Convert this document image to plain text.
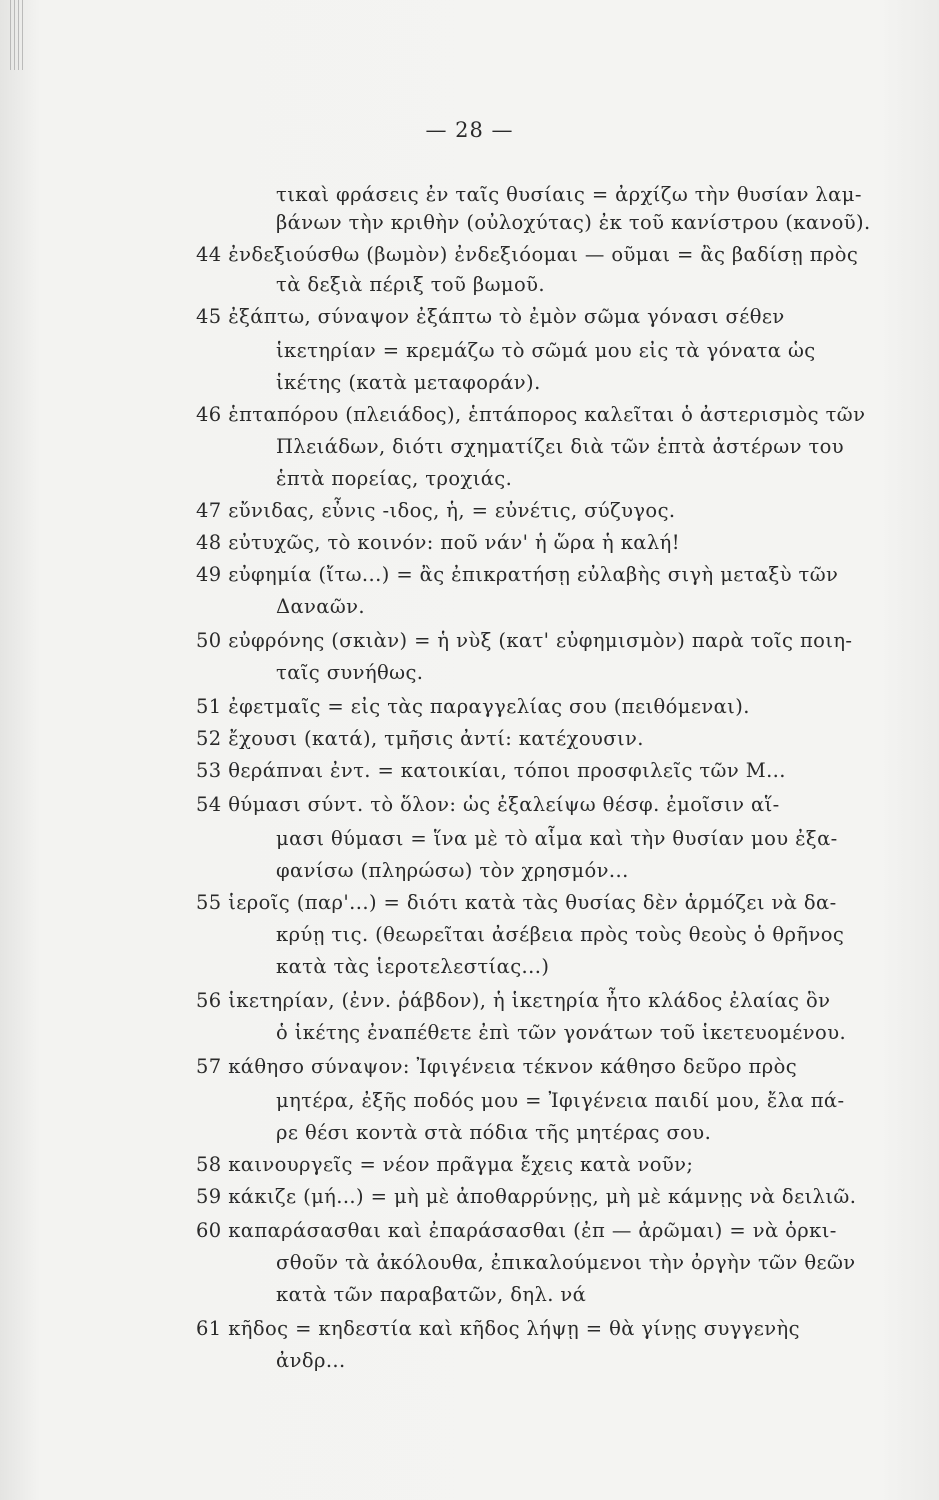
— 28 —
τικαὶ φράσεις ἐν ταῖς θυσίαις = ἀρχίζω τὴν θυσίαν λαμ-
βάνων τὴν κριθὴν (οὐλοχύτας) ἐκ τοῦ κανίστρου (κανοῦ).
44 ἐνδεξιούσθω (βωμὸν) ἐνδεξιόομαι — οῦμαι = ἂς βαδίσῃ πρὸς
τὰ δεξιὰ πέριξ τοῦ βωμοῦ.
45 ἐξάπτω, σύναψον ἐξάπτω τὸ ἐμὸν σῶμα γόνασι σέθεν
ἱκετηρίαν = κρεμάζω τὸ σῶμά μου εἰς τὰ γόνατα ὡς
ἱκέτης (κατὰ μεταφοράν).
46 ἑπταπόρου (πλειάδος), ἑπτάπορος καλεῖται ὁ ἀστερισμὸς τῶν
Πλειάδων, διότι σχηματίζει διὰ τῶν ἑπτὰ ἀστέρων του
ἑπτὰ πορείας, τροχιάς.
47 εὔνιδας, εὖνις -ιδος, ἡ, = εὐνέτις, σύζυγος.
48 εὐτυχῶς, τὸ κοινόν: ποῦ νάν' ἡ ὥρα ἡ καλή!
49 εὐφημία (ἴτω...) = ἂς ἐπικρατήσῃ εὐλαβὴς σιγὴ μεταξὺ τῶν
Δαναῶν.
50 εὐφρόνης (σκιὰν) = ἡ νὺξ (κατ' εὐφημισμὸν) παρὰ τοῖς ποιη-
ταῖς συνήθως.
51 ἐφετμαῖς = εἰς τὰς παραγγελίας σου (πειθόμεναι).
52 ἔχουσι (κατά), τμῆσις ἀντί: κατέχουσιν.
53 θεράπναι ἐντ. = κατοικίαι, τόποι προσφιλεῖς τῶν Μ...
54 θύμασι σύντ. τὸ ὅλον: ὡς ἐξαλείψω θέσφ. ἐμοῖσιν αἵ-
μασι θύμασι = ἵνα μὲ τὸ αἷμα καὶ τὴν θυσίαν μου ἐξα-
φανίσω (πληρώσω) τὸν χρησμόν...
55 ἱεροῖς (παρ'...) = διότι κατὰ τὰς θυσίας δὲν ἁρμόζει νὰ δα-
κρύῃ τις. (θεωρεῖται ἀσέβεια πρὸς τοὺς θεοὺς ὁ θρῆνος
κατὰ τὰς ἱεροτελεστίας...)
56 ἱκετηρίαν, (ἐνν. ῥάβδον), ἡ ἱκετηρία ἦτο κλάδος ἐλαίας ὃν
ὁ ἱκέτης ἐναπέθετε ἐπὶ τῶν γονάτων τοῦ ἱκετευομένου.
57 κάθησο σύναψον: Ἰφιγένεια τέκνον κάθησο δεῦρο πρὸς
μητέρα, ἐξῆς ποδός μου = Ἰφιγένεια παιδί μου, ἔλα πά-
ρε θέσι κοντὰ στὰ πόδια τῆς μητέρας σου.
58 καινουργεῖς = νέον πρᾶγμα ἔχεις κατὰ νοῦν;
59 κάκιζε (μή...) = μὴ μὲ ἀποθαρρύνῃς, μὴ μὲ κάμνῃς νὰ δειλιῶ.
60 καπαράσασθαι καὶ ἐπαράσασθαι (ἐπ — ἀρῶμαι) = νὰ ὁρκι-
σθοῦν τὰ ἀκόλουθα, ἐπικαλούμενοι τὴν ὀργὴν τῶν θεῶν
κατὰ τῶν παραβατῶν, δηλ. νά
61 κῆδος = κηδεστία καὶ κῆδος λήψῃ = θὰ γίνῃς συγγενὴς
ἀνδρ...
